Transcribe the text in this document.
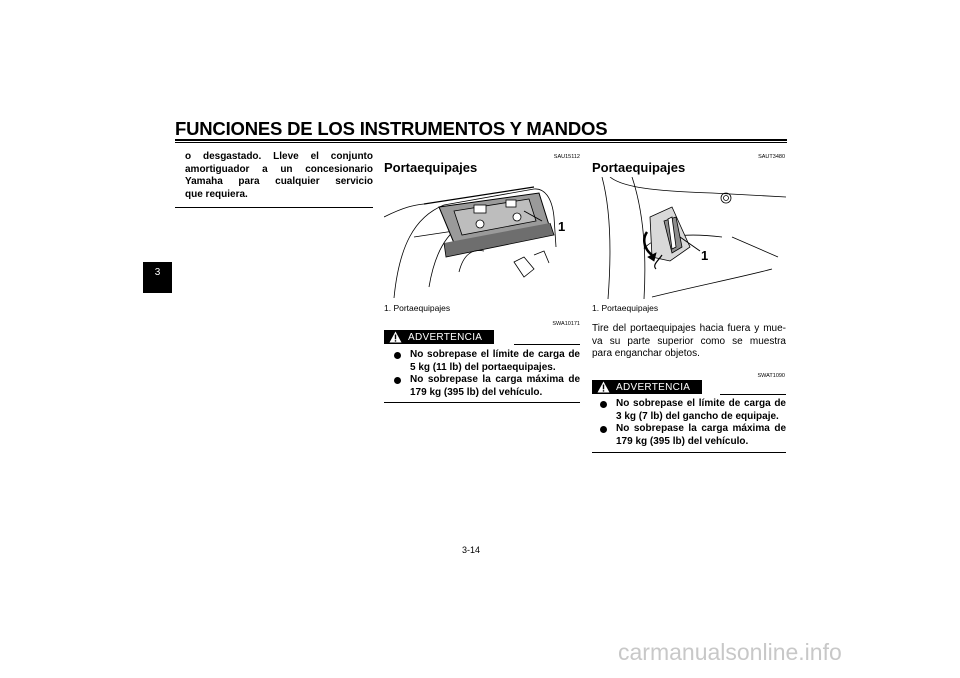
FUNCIONES DE LOS INSTRUMENTOS Y MANDOS
3
o desgastado. Lleve el conjunto
amortiguador a un concesionario
Yamaha para cualquier servicio
que requiera.
SAU15112
Portaequipajes
1
1. Portaequipajes
SWA10171
ADVERTENCIA
No sobrepase el límite de carga de
5 kg (11 lb) del portaequipajes.
No sobrepase la carga máxima de
179 kg (395 lb) del vehículo.
SAUT3480
Portaequipajes
1
1. Portaequipajes
Tire del portaequipajes hacia fuera y mue-
va su parte superior como se muestra
para enganchar objetos.
SWAT1090
ADVERTENCIA
No sobrepase el límite de carga de
3 kg (7 lb) del gancho de equipaje.
No sobrepase la carga máxima de
179 kg (395 lb) del vehículo.
3-14
carmanualsonline.info
